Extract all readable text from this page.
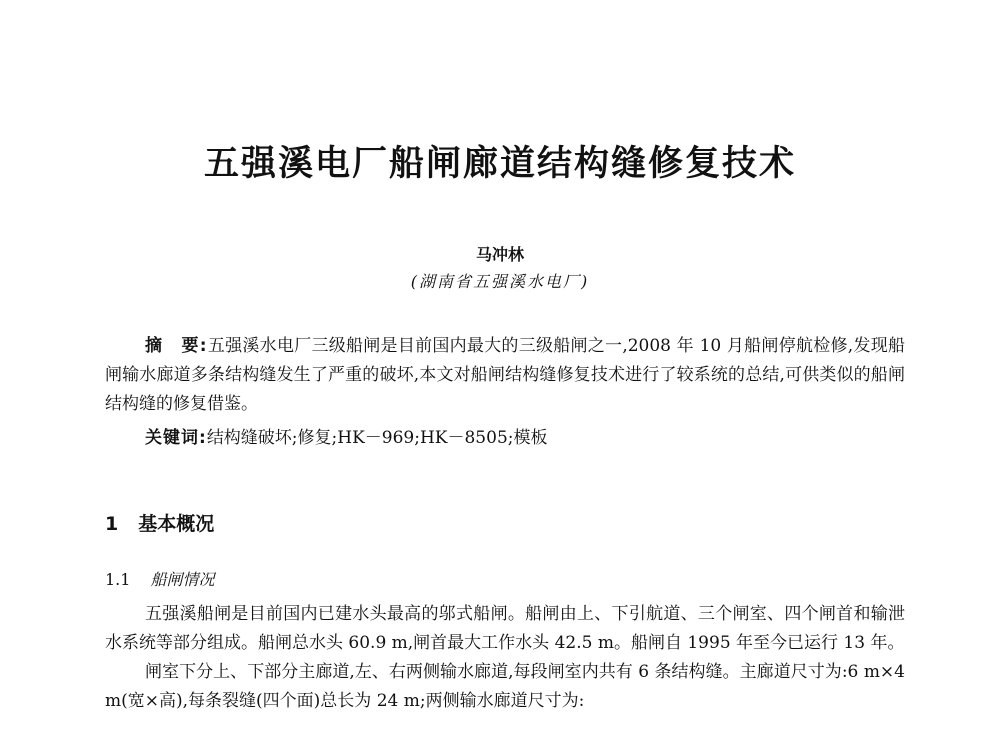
五强溪电厂船闸廊道结构缝修复技术
马冲林
(湖南省五强溪水电厂)
摘　要:五强溪水电厂三级船闸是目前国内最大的三级船闸之一,2008 年 10 月船闸停航检修,发现船闸输水廊道多条结构缝发生了严重的破坏,本文对船闸结构缝修复技术进行了较系统的总结,可供类似的船闸结构缝的修复借鉴。
关键词:结构缝破坏;修复;HK－969;HK－8505;模板
1 基本概况
1.1 船闸情况

五强溪船闸是目前国内已建水头最高的邬式船闸。船闸由上、下引航道、三个闸室、四个闸首和输泄水系统等部分组成。船闸总水头 60.9 m,闸首最大工作水头 42.5 m。船闸自 1995 年至今已运行 13 年。

闸室下分上、下部分主廊道,左、右两侧输水廊道,每段闸室内共有 6 条结构缝。主廊道尺寸为:6 m×4 m(宽×高),每条裂缝(四个面)总长为 24 m;两侧输水廊道尺寸为:
